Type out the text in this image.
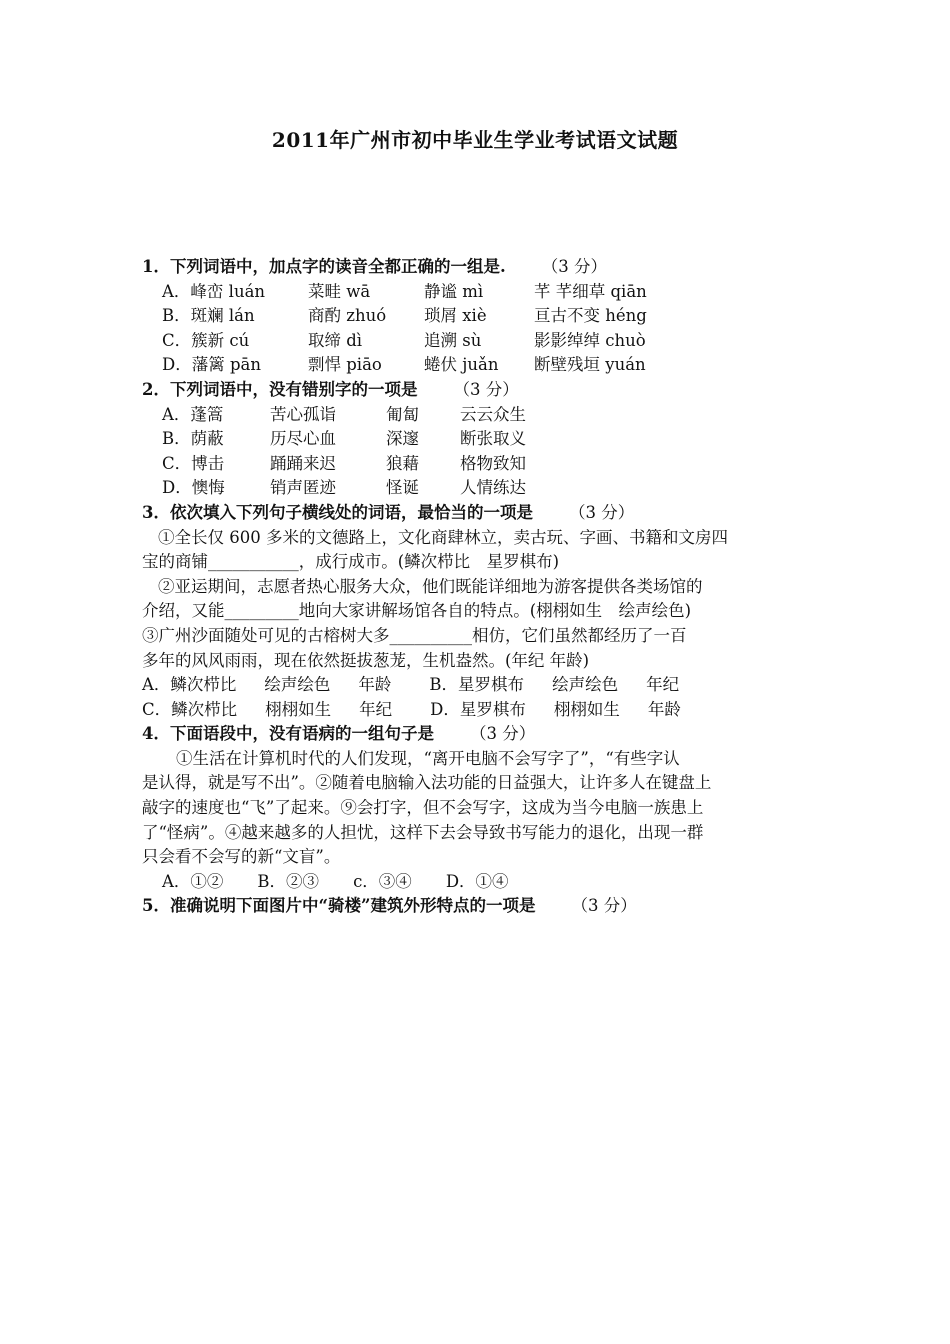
2011年广州市初中毕业生学业考试语文试题
1．下列词语中，加点字的读音全都正确的一组是. （3 分）
A．峰峦 luán	菜畦 wā	静谧 mì	芊 芊细草 qiān
B．斑斓 lán	商酌 zhuó 琐屑 xiè	亘古不变 héng
C．簇新 cú	取缔 dì	追溯 sù	影影绰绰 chuò
D．藩篱 pān	剽悍 piāo	蜷伏 juǎn 断壁残垣 yuán
2．下列词语中，没有错别字的一项是 （3 分）
A．蓬篙	苦心孤诣	匍匐 云云众生
B．荫蔽	历尽心血	深邃 断张取义
C．博击	踊踊来迟	狼藉 格物致知
D．懊悔	销声匿迹	怪诞 人情练达
3．依次填入下列句子横线处的词语，最恰当的一项是 （3 分）
①全长仅 600 多米的文德路上，文化商肆林立，卖古玩、字画、书籍和文房四
宝的商铺___________，成行成市。(鳞次栉比　星罗棋布)
②亚运期间，志愿者热心服务大众，他们既能详细地为游客提供各类场馆的
介绍，又能_________地向大家讲解场馆各自的特点。(栩栩如生　绘声绘色)
③广州沙面随处可见的古榕树大多__________相仿，它们虽然都经历了一百
多年的风风雨雨，现在依然挺拔葱茏，生机盎然。(年纪 年龄)
A．鳞次栉比 绘声绘色 年龄 B．星罗棋布 绘声绘色 年纪
C．鳞次栉比 栩栩如生 年纪 D．星罗棋布 栩栩如生 年龄
4．下面语段中，没有语病的一组句子是 （3 分）
①生活在计算机时代的人们发现，“离开电脑不会写字了”，“有些字认
是认得，就是写不出”。②随着电脑输入法功能的日益强大，让许多人在键盘上
敲字的速度也“飞”了起来。⑨会打字，但不会写字，这成为当今电脑一族患上
了“怪病”。④越来越多的人担忧，这样下去会导致书写能力的退化，出现一群
只会看不会写的新“文盲”。
A．①② B．②③ c．③④ D．①④
5．准确说明下面图片中“骑楼”建筑外形特点的一项是 （3 分）
